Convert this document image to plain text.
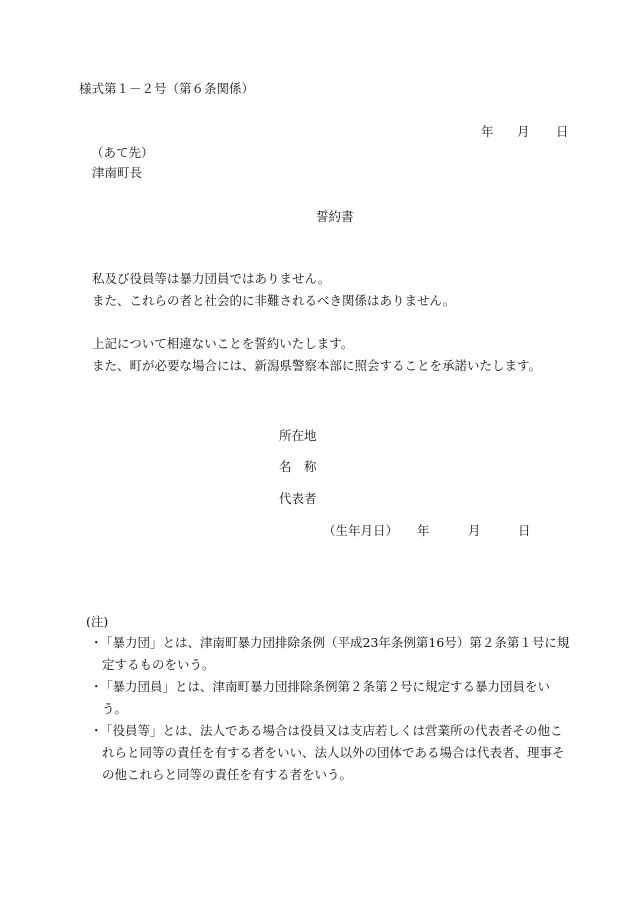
様式第１－２号（第６条関係）
年 月 日
（あて先）
津南町長
誓約書
私及び役員等は暴力団員ではありません。
また、これらの者と社会的に非難されるべき関係はありません。
上記について相違ないことを誓約いたします。
また、町が必要な場合には、新潟県警察本部に照会することを承諾いたします。
所在地
名　称
代表者
（生年月日） 年	月	日
(注)
・
「暴力団」とは、津南町暴力団排除条例（平成23年条例第16号）第２条第１号に規
定するものをいう。
・
「暴力団員」とは、津南町暴力団排除条例第２条第２号に規定する暴力団員をい
う。
・
「役員等」とは、法人である場合は役員又は支店若しくは営業所の代表者その他こ
れらと同等の責任を有する者をいい、法人以外の団体である場合は代表者、理事そ
の他これらと同等の責任を有する者をいう。
